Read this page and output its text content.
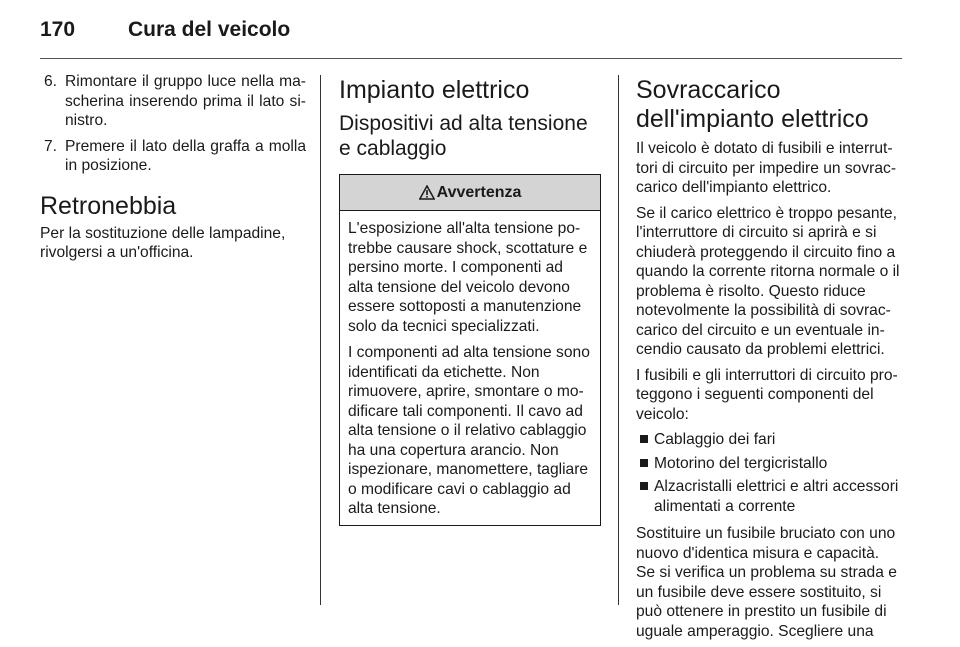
170	Cura del veicolo
6. Rimontare il gruppo luce nella mascherina inserendo prima il lato sinistro.
7. Premere il lato della graffa a molla in posizione.
Retronebbia

Per la sostituzione delle lampadine, rivolgersi a un'officina.

Impianto elettrico
Dispositivi ad alta tensione e cablaggio
Avvertenza

L'esposizione all'alta tensione potrebbe causare shock, scottature e persino morte. I componenti ad alta tensione del veicolo devono essere sottoposti a manutenzione solo da tecnici specializzati.

I componenti ad alta tensione sono identificati da etichette. Non rimuovere, aprire, smontare o modificare tali componenti. Il cavo ad alta tensione o il relativo cablaggio ha una copertura arancio. Non ispezionare, manomettere, tagliare o modificare cavi o cablaggio ad alta tensione.

Sovraccarico dell'impianto elettrico

Il veicolo è dotato di fusibili e interruttori di circuito per impedire un sovraccarico dell'impianto elettrico.

Se il carico elettrico è troppo pesante, l'interruttore di circuito si aprirà e si chiuderà proteggendo il circuito fino a quando la corrente ritorna normale o il problema è risolto. Questo riduce notevolmente la possibilità di sovraccarico del circuito e un eventuale incendio causato da problemi elettrici.

I fusibili e gli interruttori di circuito proteggono i seguenti componenti del veicolo:

Cablaggio dei fari
Motorino del tergicristallo
Alzacristalli elettrici e altri accessori alimentati a corrente

Sostituire un fusibile bruciato con uno nuovo d'identica misura e capacità. Se si verifica un problema su strada e un fusibile deve essere sostituito, si può ottenere in prestito un fusibile di uguale amperaggio. Scegliere una
